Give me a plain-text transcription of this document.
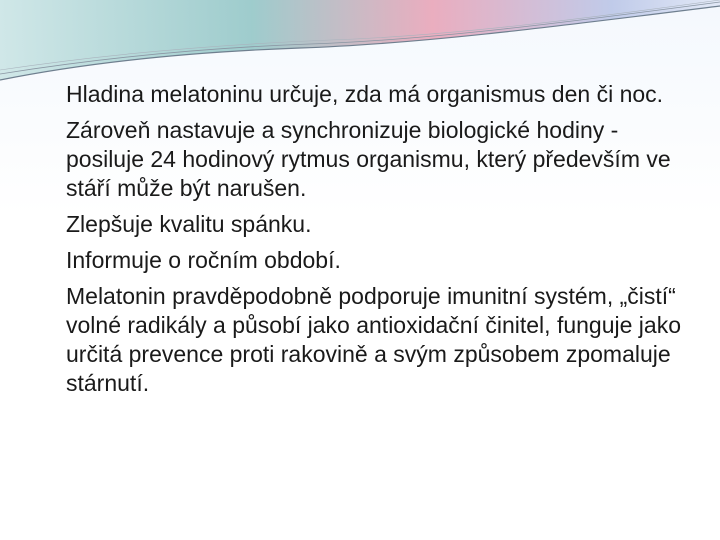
Hladina melatoninu určuje, zda má organismus den či noc.
Zároveň nastavuje a synchronizuje biologické hodiny - posiluje 24 hodinový rytmus organismu, který především ve stáří může být narušen.
Zlepšuje kvalitu spánku.
Informuje o ročním období.
Melatonin pravděpodobně podporuje imunitní systém, „čistí“ volné radikály a působí jako antioxidační činitel, funguje jako určitá prevence proti rakovině a svým způsobem zpomaluje stárnutí.
